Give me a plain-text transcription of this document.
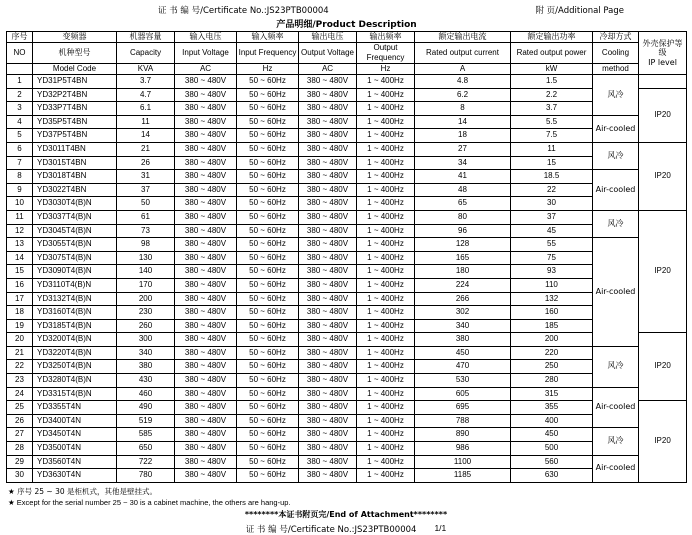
证 书 编 号/Certificate No.:JS23PTB00004	附 页/Additional Page
产品明细/Product Description										
序号	变频器	机器容量	输入电压	输入频率	输出电压	输出频率	额定输出电流	额定输出功率	冷却方式	外壳保护等级
IP level

NO	机种型号	Capacity	Input Voltage	Input Frequency	Output Voltage	Output Frequency	Rated output current	Rated output power	Cooling	
	Model Code	KVA	AC	Hz	AC	Hz	A	kW	method	
1	YD31P5T4BN	3.7	380 ~ 480V	50 ~ 60Hz	380 ~ 480V	1 ~ 400Hz	4.8	1.5	风冷	
2	YD32P2T4BN	4.7	380 ~ 480V	50 ~ 60Hz	380 ~ 480V	1 ~ 400Hz	6.2	2.2		IP20
3	YD33P7T4BN	6.1	380 ~ 480V	50 ~ 60Hz	380 ~ 480V	1 ~ 400Hz	8	3.7		
4	YD35P5T4BN	11	380 ~ 480V	50 ~ 60Hz	380 ~ 480V	1 ~ 400Hz	14	5.5	Air-cooled	
5	YD37P5T4BN	14	380 ~ 480V	50 ~ 60Hz	380 ~ 480V	1 ~ 400Hz	18	7.5		
6	YD3011T4BN	21	380 ~ 480V	50 ~ 60Hz	380 ~ 480V	1 ~ 400Hz	27	11	风冷	IP20
7	YD3015T4BN	26	380 ~ 480V	50 ~ 60Hz	380 ~ 480V	1 ~ 400Hz	34	15		
8	YD3018T4BN	31	380 ~ 480V	50 ~ 60Hz	380 ~ 480V	1 ~ 400Hz	41	18.5	Air-cooled	
9	YD3022T4BN	37	380 ~ 480V	50 ~ 60Hz	380 ~ 480V	1 ~ 400Hz	48	22		
10	YD3030T4(B)N	50	380 ~ 480V	50 ~ 60Hz	380 ~ 480V	1 ~ 400Hz	65	30		
11	YD3037T4(B)N	61	380 ~ 480V	50 ~ 60Hz	380 ~ 480V	1 ~ 400Hz	80	37	风冷	IP20
12	YD3045T4(B)N	73	380 ~ 480V	50 ~ 60Hz	380 ~ 480V	1 ~ 400Hz	96	45		
13	YD3055T4(B)N	98	380 ~ 480V	50 ~ 60Hz	380 ~ 480V	1 ~ 400Hz	128	55	Air-cooled	
14	YD3075T4(B)N	130	380 ~ 480V	50 ~ 60Hz	380 ~ 480V	1 ~ 400Hz	165	75		
15	YD3090T4(B)N	140	380 ~ 480V	50 ~ 60Hz	380 ~ 480V	1 ~ 400Hz	180	93		
16	YD3110T4(B)N	170	380 ~ 480V	50 ~ 60Hz	380 ~ 480V	1 ~ 400Hz	224	110		
17	YD3132T4(B)N	200	380 ~ 480V	50 ~ 60Hz	380 ~ 480V	1 ~ 400Hz	266	132		
18	YD3160T4(B)N	230	380 ~ 480V	50 ~ 60Hz	380 ~ 480V	1 ~ 400Hz	302	160		
19	YD3185T4(B)N	260	380 ~ 480V	50 ~ 60Hz	380 ~ 480V	1 ~ 400Hz	340	185		
20	YD3200T4(B)N	300	380 ~ 480V	50 ~ 60Hz	380 ~ 480V	1 ~ 400Hz	380	200		IP20
21	YD3220T4(B)N	340	380 ~ 480V	50 ~ 60Hz	380 ~ 480V	1 ~ 400Hz	450	220	风冷	
22	YD3250T4(B)N	380	380 ~ 480V	50 ~ 60Hz	380 ~ 480V	1 ~ 400Hz	470	250		
23	YD3280T4(B)N	430	380 ~ 480V	50 ~ 60Hz	380 ~ 480V	1 ~ 400Hz	530	280		
24	YD3315T4(B)N	460	380 ~ 480V	50 ~ 60Hz	380 ~ 480V	1 ~ 400Hz	605	315	Air-cooled	
25	YD3355T4N	490	380 ~ 480V	50 ~ 60Hz	380 ~ 480V	1 ~ 400Hz	695	355		IP20
26	YD3400T4N	519	380 ~ 480V	50 ~ 60Hz	380 ~ 480V	1 ~ 400Hz	788	400		
27	YD3450T4N	585	380 ~ 480V	50 ~ 60Hz	380 ~ 480V	1 ~ 400Hz	890	450	风冷	
28	YD3500T4N	650	380 ~ 480V	50 ~ 60Hz	380 ~ 480V	1 ~ 400Hz	986	500		
29	YD3560T4N	722	380 ~ 480V	50 ~ 60Hz	380 ~ 480V	1 ~ 400Hz	1100	560	Air-cooled	
30	YD3630T4N	780	380 ~ 480V	50 ~ 60Hz	380 ~ 480V	1 ~ 400Hz	1185	630		
★ 序号 25 ~ 30 是柜机式，其他是壁挂式。
★ Except for the serial number 25 ~ 30 is a cabinet machine, the others are hang-up.
********本证书附页完/End of Attachment********
证 书 编 号/Certificate No.:JS23PTB00004 1/1
